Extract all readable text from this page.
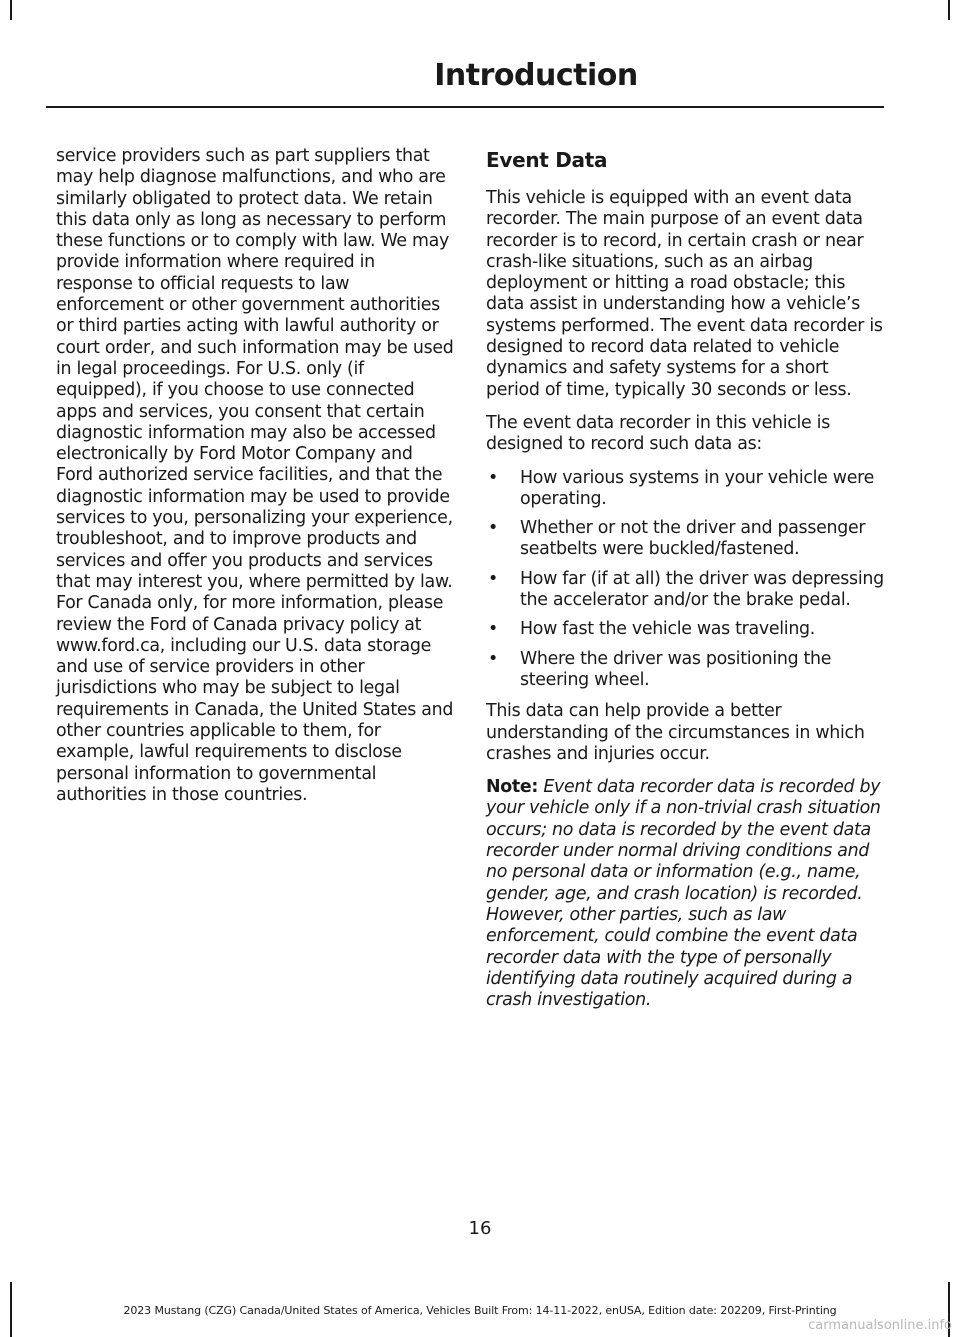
Introduction

service providers such as part suppliers that may help diagnose malfunctions, and who are similarly obligated to protect data. We retain this data only as long as necessary to perform these functions or to comply with law. We may provide information where required in response to official requests to law enforcement or other government authorities or third parties acting with lawful authority or court order, and such information may be used in legal proceedings. For U.S. only (if equipped), if you choose to use connected apps and services, you consent that certain diagnostic information may also be accessed electronically by Ford Motor Company and Ford authorized service facilities, and that the diagnostic information may be used to provide services to you, personalizing your experience, troubleshoot, and to improve products and services and offer you products and services that may interest you, where permitted by law. For Canada only, for more information, please review the Ford of Canada privacy policy at www.ford.ca, including our U.S. data storage and use of service providers in other jurisdictions who may be subject to legal requirements in Canada, the United States and other countries applicable to them, for example, lawful requirements to disclose personal information to governmental authorities in those countries.

Event Data

This vehicle is equipped with an event data recorder. The main purpose of an event data recorder is to record, in certain crash or near crash-like situations, such as an airbag deployment or hitting a road obstacle; this data assist in understanding how a vehicle’s systems performed. The event data recorder is designed to record data related to vehicle dynamics and safety systems for a short period of time, typically 30 seconds or less.

The event data recorder in this vehicle is designed to record such data as:

• How various systems in your vehicle were operating.
• Whether or not the driver and passenger seatbelts were buckled/fastened.
• How far (if at all) the driver was depressing the accelerator and/or the brake pedal.
• How fast the vehicle was traveling.
• Where the driver was positioning the steering wheel.

This data can help provide a better understanding of the circumstances in which crashes and injuries occur.

Note: Event data recorder data is recorded by your vehicle only if a non-trivial crash situation occurs; no data is recorded by the event data recorder under normal driving conditions and no personal data or information (e.g., name, gender, age, and crash location) is recorded. However, other parties, such as law enforcement, could combine the event data recorder data with the type of personally identifying data routinely acquired during a crash investigation.

16
2023 Mustang (CZG) Canada/United States of America, Vehicles Built From: 14-11-2022, enUSA, Edition date: 202209, First-Printing
carmanualsonline.info
